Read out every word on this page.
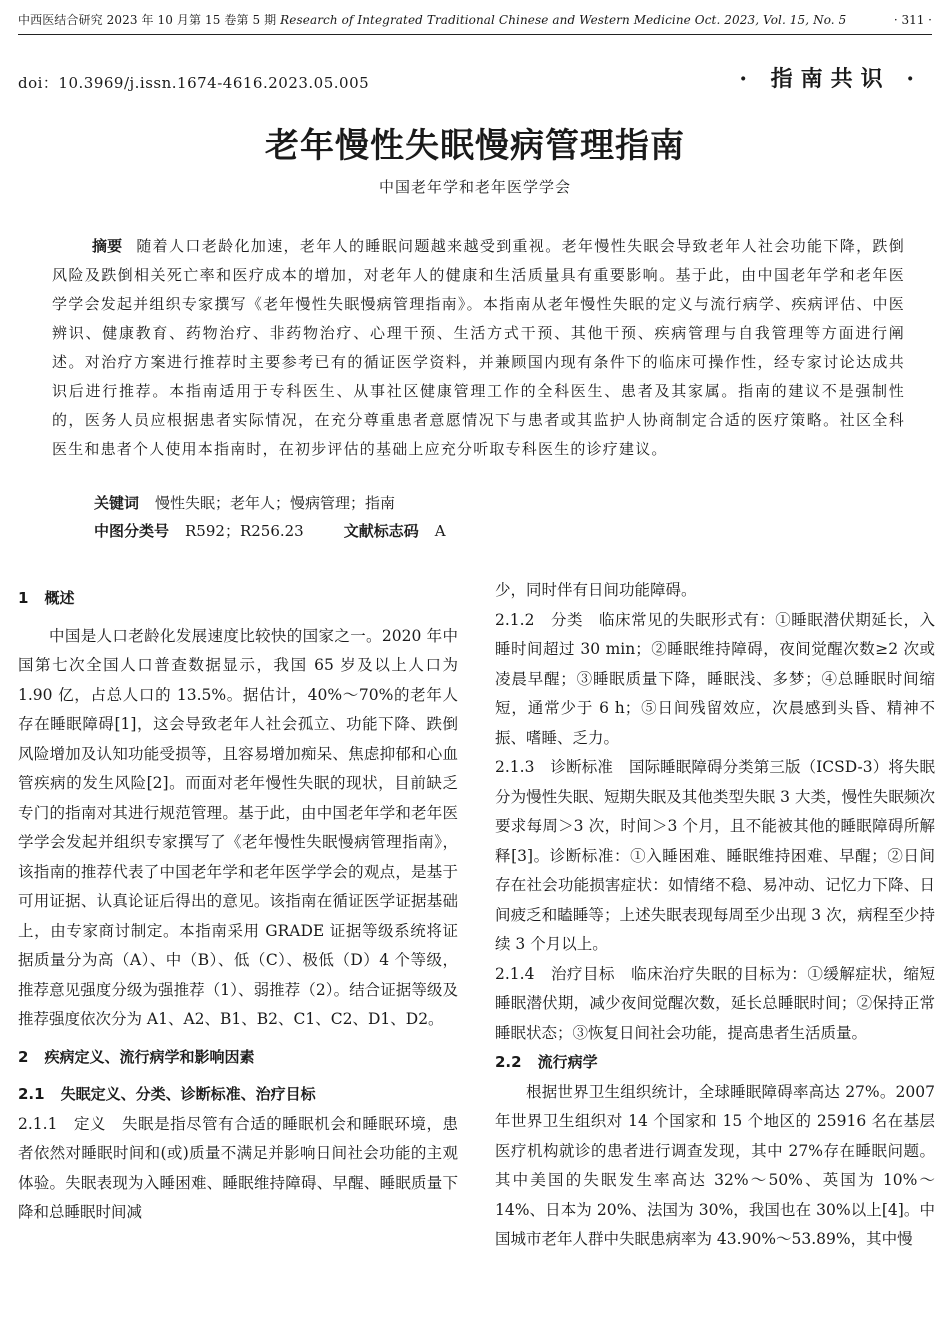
中西医结合研究 2023 年 10 月第 15 卷第 5 期 Research of Integrated Traditional Chinese and Western Medicine Oct. 2023, Vol. 15, No. 5	· 311 ·
doi：10.3969/j.issn.1674-4616.2023.05.005	· 指南共识 ·
老年慢性失眠慢病管理指南
中国老年学和老年医学学会
摘要 随着人口老龄化加速，老年人的睡眠问题越来越受到重视。老年慢性失眠会导致老年人社会功能下降，跌倒风险及跌倒相关死亡率和医疗成本的增加，对老年人的健康和生活质量具有重要影响。基于此，由中国老年学和老年医学学会发起并组织专家撰写《老年慢性失眠慢病管理指南》。本指南从老年慢性失眠的定义与流行病学、疾病评估、中医辨识、健康教育、药物治疗、非药物治疗、心理干预、生活方式干预、其他干预、疾病管理与自我管理等方面进行阐述。对治疗方案进行推荐时主要参考已有的循证医学资料，并兼顾国内现有条件下的临床可操作性，经专家讨论达成共识后进行推荐。本指南适用于专科医生、从事社区健康管理工作的全科医生、患者及其家属。指南的建议不是强制性的，医务人员应根据患者实际情况，在充分尊重患者意愿情况下与患者或其监护人协商制定合适的医疗策略。社区全科医生和患者个人使用本指南时，在初步评估的基础上应充分听取专科医生的诊疗建议。
关键词 慢性失眠；老年人；慢病管理；指南
中图分类号 R592；R256.23	文献标志码 A
1 概述

中国是人口老龄化发展速度比较快的国家之一。2020 年中国第七次全国人口普查数据显示，我国 65 岁及以上人口为 1.90 亿，占总人口的 13.5%。据估计，40%～70%的老年人存在睡眠障碍[1]，这会导致老年人社会孤立、功能下降、跌倒风险增加及认知功能受损等，且容易增加痴呆、焦虑抑郁和心血管疾病的发生风险[2]。而面对老年慢性失眠的现状，目前缺乏专门的指南对其进行规范管理。基于此，由中国老年学和老年医学学会发起并组织专家撰写了《老年慢性失眠慢病管理指南》，该指南的推荐代表了中国老年学和老年医学学会的观点，是基于可用证据、认真论证后得出的意见。该指南在循证医学证据基础上，由专家商讨制定。本指南采用 GRADE 证据等级系统将证据质量分为高（A）、中（B）、低（C）、极低（D）4 个等级，推荐意见强度分级为强推荐（1）、弱推荐（2）。结合证据等级及推荐强度依次分为 A1、A2、B1、B2、C1、C2、D1、D2。

2 疾病定义、流行病学和影响因素
2.1 失眠定义、分类、诊断标准、治疗目标

2.1.1 定义 失眠是指尽管有合适的睡眠机会和睡眠环境，患者依然对睡眠时间和(或)质量不满足并影响日间社会功能的主观体验。失眠表现为入睡困难、睡眠维持障碍、早醒、睡眠质量下降和总睡眠时间减

少，同时伴有日间功能障碍。

2.1.2 分类 临床常见的失眠形式有：①睡眠潜伏期延长，入睡时间超过 30 min；②睡眠维持障碍，夜间觉醒次数≥2 次或凌晨早醒；③睡眠质量下降，睡眠浅、多梦；④总睡眠时间缩短，通常少于 6 h；⑤日间残留效应，次晨感到头昏、精神不振、嗜睡、乏力。

2.1.3 诊断标准 国际睡眠障碍分类第三版（ICSD-3）将失眠分为慢性失眠、短期失眠及其他类型失眠 3 大类，慢性失眠频次要求每周＞3 次，时间＞3 个月，且不能被其他的睡眠障碍所解释[3]。诊断标准：①入睡困难、睡眠维持困难、早醒；②日间存在社会功能损害症状：如情绪不稳、易冲动、记忆力下降、日间疲乏和瞌睡等；上述失眠表现每周至少出现 3 次，病程至少持续 3 个月以上。

2.1.4 治疗目标 临床治疗失眠的目标为：①缓解症状，缩短睡眠潜伏期，减少夜间觉醒次数，延长总睡眠时间；②保持正常睡眠状态；③恢复日间社会功能，提高患者生活质量。

2.2 流行病学

根据世界卫生组织统计，全球睡眠障碍率高达 27%。2007 年世界卫生组织对 14 个国家和 15 个地区的 25916 名在基层医疗机构就诊的患者进行调查发现，其中 27%存在睡眠问题。其中美国的失眠发生率高达 32%～50%、英国为 10%～14%、日本为 20%、法国为 30%，我国也在 30%以上[4]。中国城市老年人群中失眠患病率为 43.90%～53.89%，其中慢
